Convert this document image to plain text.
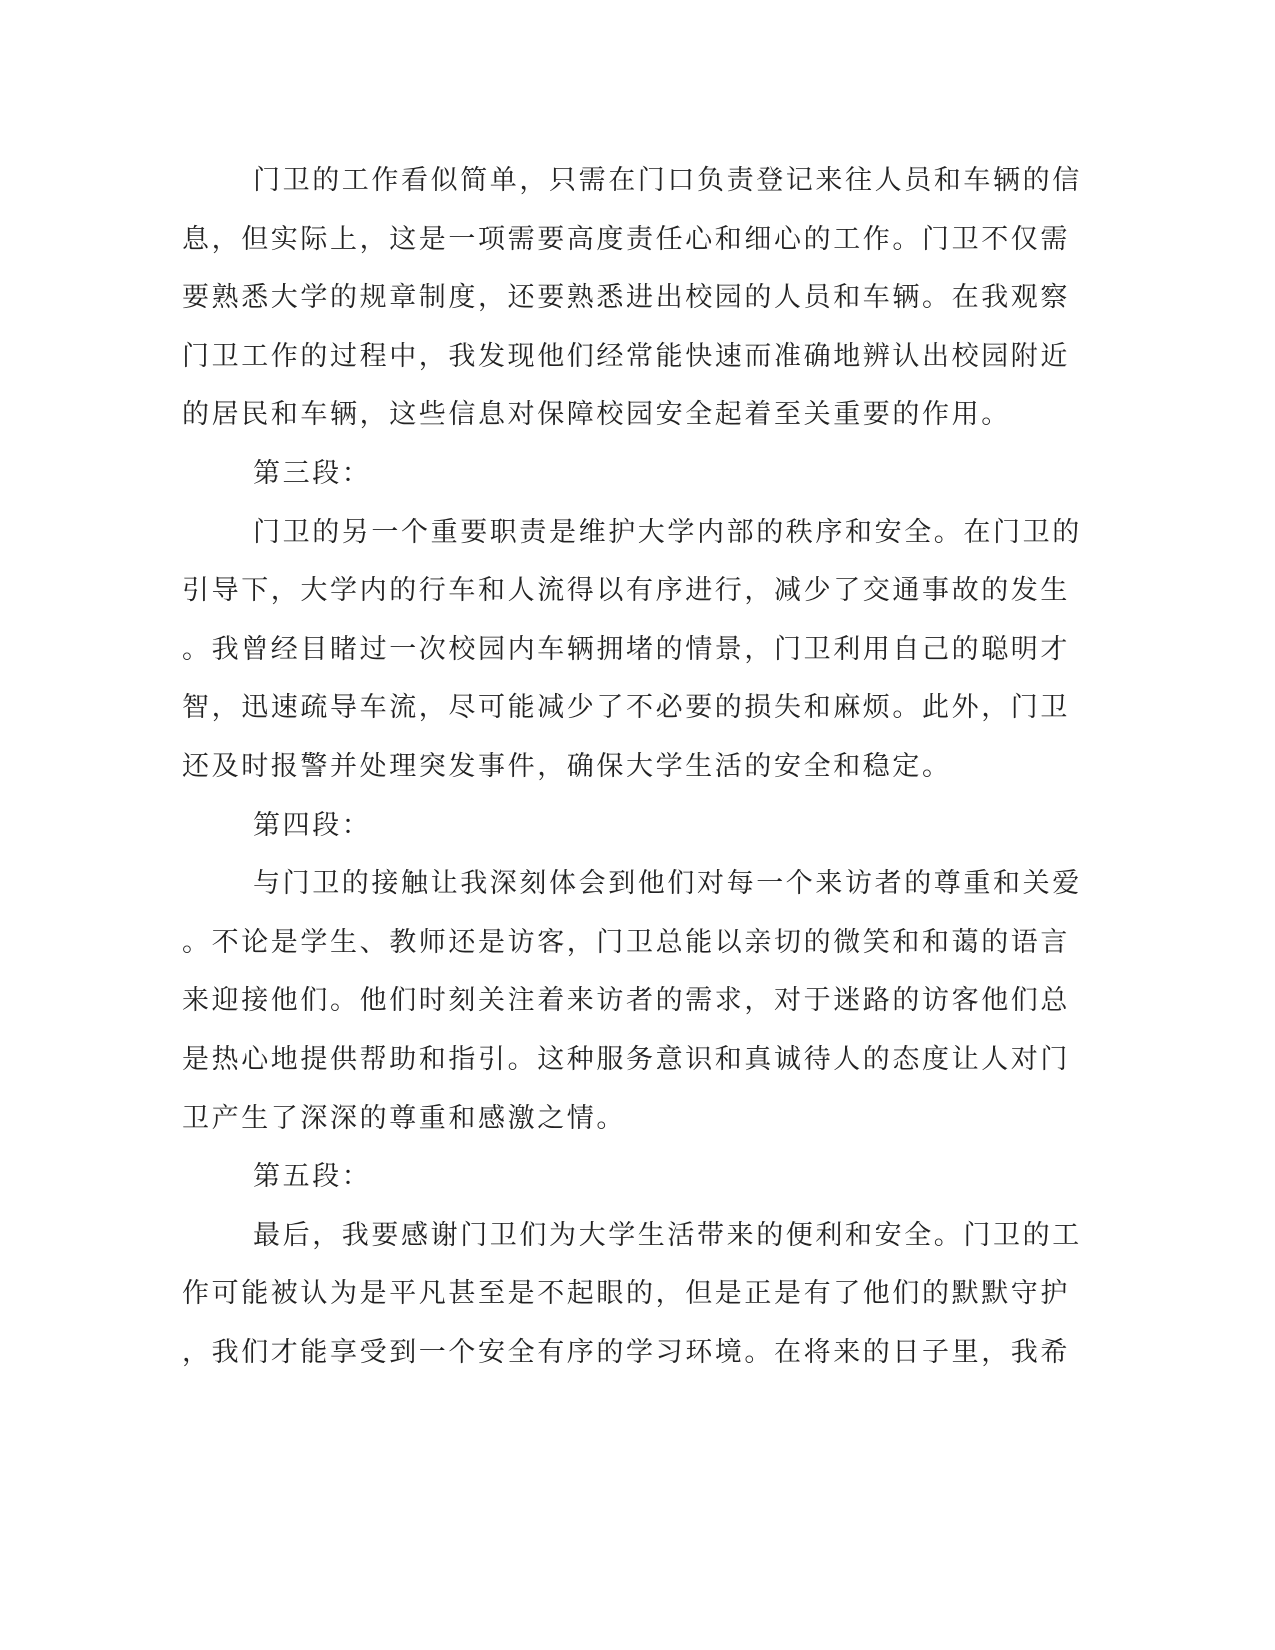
门卫的工作看似简单，只需在门口负责登记来往人员和车辆的信
息，但实际上，这是一项需要高度责任心和细心的工作。门卫不仅需
要熟悉大学的规章制度，还要熟悉进出校园的人员和车辆。在我观察
门卫工作的过程中，我发现他们经常能快速而准确地辨认出校园附近
的居民和车辆，这些信息对保障校园安全起着至关重要的作用。
第三段：
门卫的另一个重要职责是维护大学内部的秩序和安全。在门卫的
引导下，大学内的行车和人流得以有序进行，减少了交通事故的发生
。我曾经目睹过一次校园内车辆拥堵的情景，门卫利用自己的聪明才
智，迅速疏导车流，尽可能减少了不必要的损失和麻烦。此外，门卫
还及时报警并处理突发事件，确保大学生活的安全和稳定。
第四段：
与门卫的接触让我深刻体会到他们对每一个来访者的尊重和关爱
。不论是学生、教师还是访客，门卫总能以亲切的微笑和和蔼的语言
来迎接他们。他们时刻关注着来访者的需求，对于迷路的访客他们总
是热心地提供帮助和指引。这种服务意识和真诚待人的态度让人对门
卫产生了深深的尊重和感激之情。
第五段：
最后，我要感谢门卫们为大学生活带来的便利和安全。门卫的工
作可能被认为是平凡甚至是不起眼的，但是正是有了他们的默默守护
，我们才能享受到一个安全有序的学习环境。在将来的日子里，我希
